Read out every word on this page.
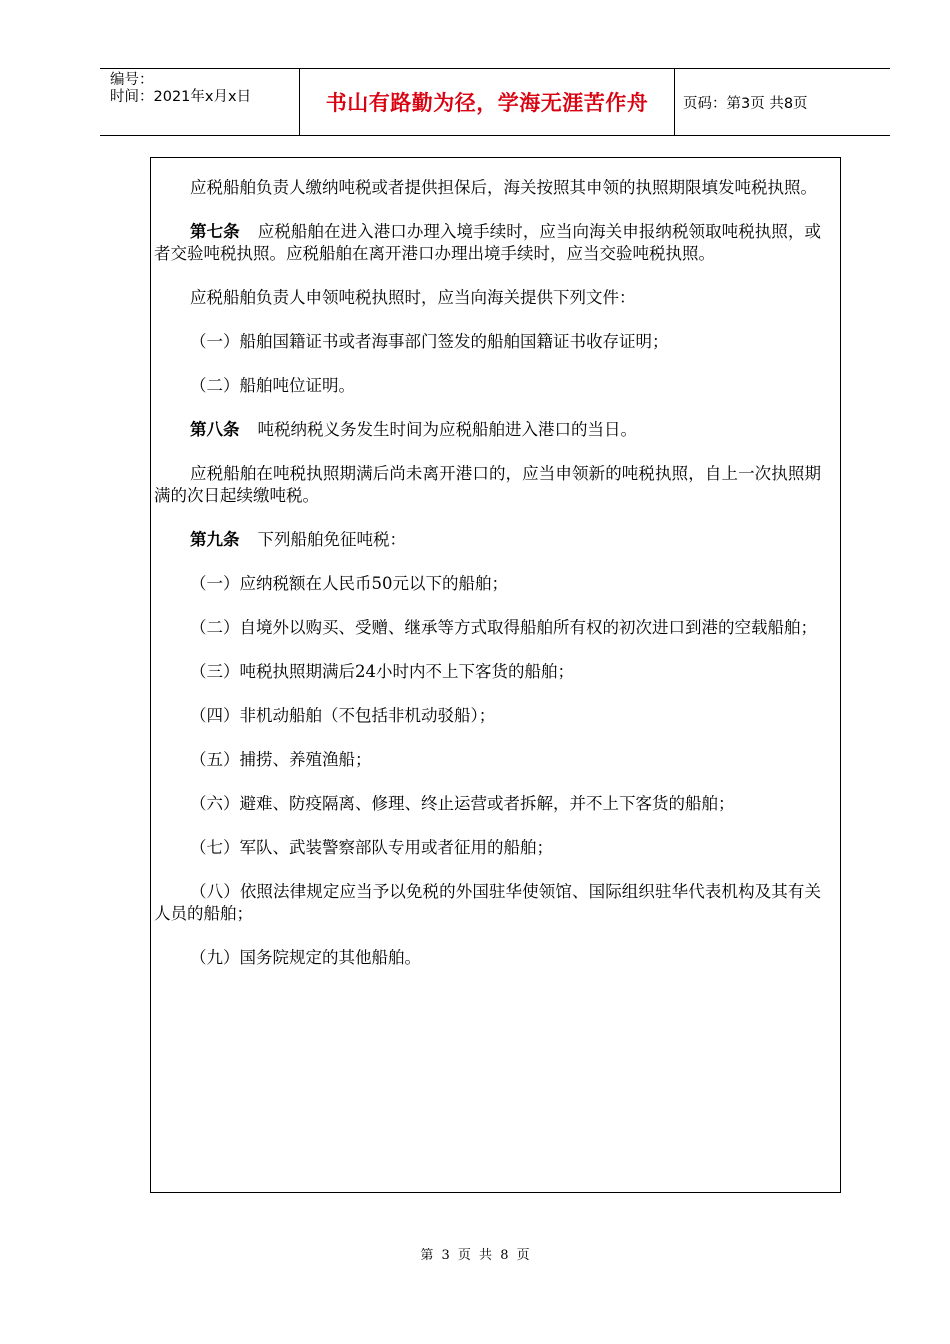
编号：
时间：2021年x月x日	书山有路勤为径，学海无涯苦作舟	页码：第3页 共8页

应税船舶负责人缴纳吨税或者提供担保后，海关按照其申领的执照期限填发吨税执照。

第七条 应税船舶在进入港口办理入境手续时，应当向海关申报纳税领取吨税执照，或者交验吨税执照。应税船舶在离开港口办理出境手续时，应当交验吨税执照。

应税船舶负责人申领吨税执照时，应当向海关提供下列文件：

（一）船舶国籍证书或者海事部门签发的船舶国籍证书收存证明；

（二）船舶吨位证明。

第八条 吨税纳税义务发生时间为应税船舶进入港口的当日。

应税船舶在吨税执照期满后尚未离开港口的，应当申领新的吨税执照，自上一次执照期满的次日起续缴吨税。

第九条 下列船舶免征吨税：

（一）应纳税额在人民币50元以下的船舶；

（二）自境外以购买、受赠、继承等方式取得船舶所有权的初次进口到港的空载船舶；

（三）吨税执照期满后24小时内不上下客货的船舶；

（四）非机动船舶（不包括非机动驳船）；

（五）捕捞、养殖渔船；

（六）避难、防疫隔离、修理、终止运营或者拆解，并不上下客货的船舶；

（七）军队、武装警察部队专用或者征用的船舶；

（八）依照法律规定应当予以免税的外国驻华使领馆、国际组织驻华代表机构及其有关人员的船舶；

（九）国务院规定的其他船舶。

第 3 页 共 8 页
